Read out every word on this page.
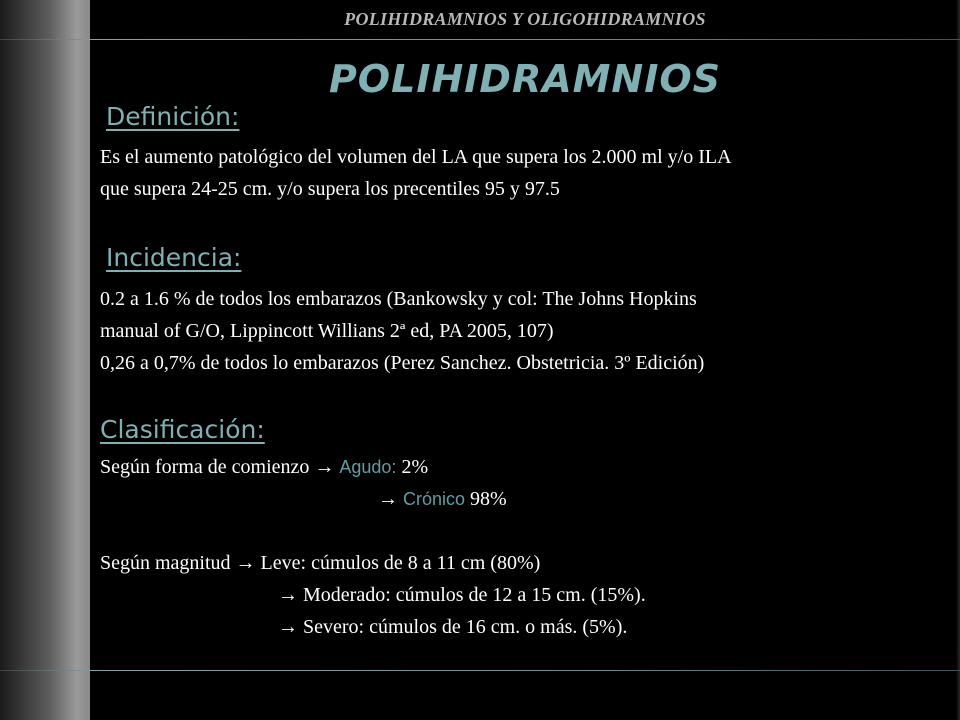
POLIHIDRAMNIOS Y OLIGOHIDRAMNIOS
POLIHIDRAMNIOS
Definición:
Es el aumento patológico del volumen del LA que supera los 2.000 ml y/o ILA
que supera 24-25 cm. y/o supera los precentiles 95 y 97.5
Incidencia:
0.2 a 1.6 % de todos los embarazos (Bankowsky y col: The Johns Hopkins
manual of G/O, Lippincott Willians 2ª ed, PA 2005, 107)
0,26 a 0,7% de todos lo embarazos (Perez Sanchez. Obstetricia. 3º Edición)
Clasificación:
Según forma de comienzo → Agudo: 2%
→ Crónico 98%
Según magnitud → Leve: cúmulos de 8 a 11 cm (80%)
→ Moderado: cúmulos de 12 a 15 cm. (15%).
→ Severo: cúmulos de 16 cm. o más. (5%).
